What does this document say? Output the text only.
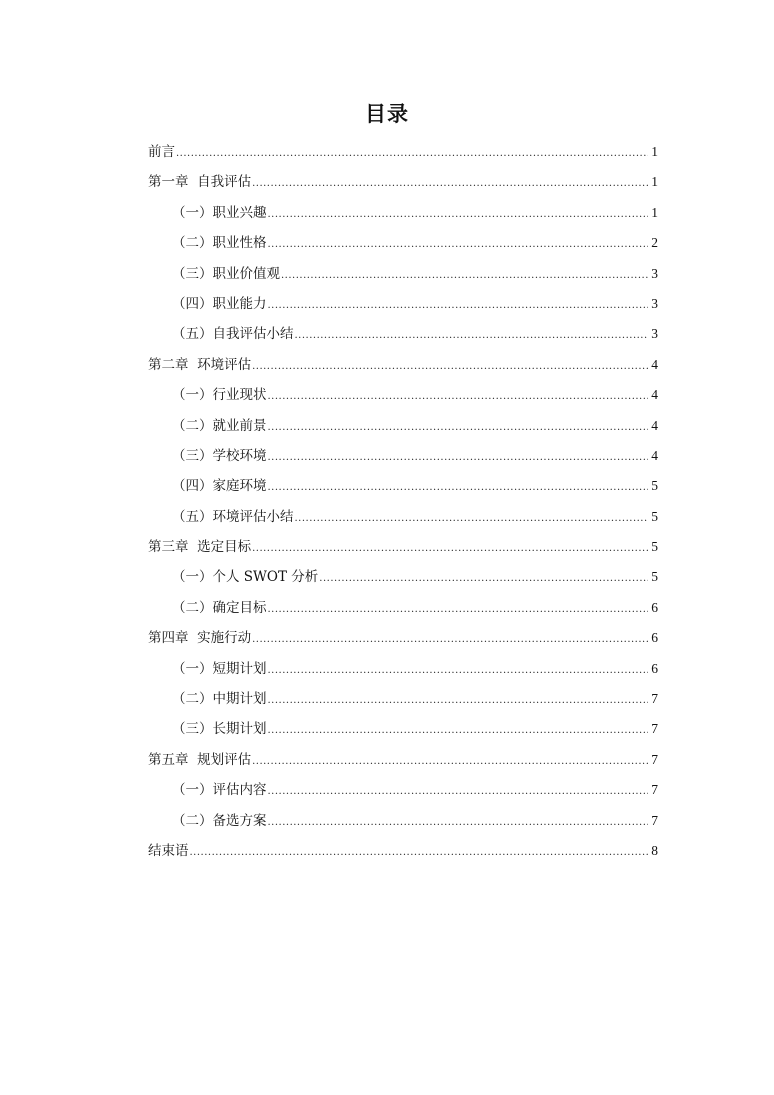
目录
前言 .....	1
第一章  自我评估 .....	1
（一）职业兴趣 .....	1
（二）职业性格 .....	2
（三）职业价值观 .....	3
（四）职业能力 .....	3
（五）自我评估小结 .....	3
第二章  环境评估 .....	4
（一）行业现状 .....	4
（二）就业前景 .....	4
（三）学校环境 .....	4
（四）家庭环境 .....	5
（五）环境评估小结 .....	5
第三章  选定目标 .....	5
（一）个人 SWOT 分析 .....	5
（二）确定目标 .....	6
第四章  实施行动 .....	6
（一）短期计划 .....	6
（二）中期计划 .....	7
（三）长期计划 .....	7
第五章  规划评估 .....	7
（一）评估内容 .....	7
（二）备选方案 .....	7
结束语 .....	8
